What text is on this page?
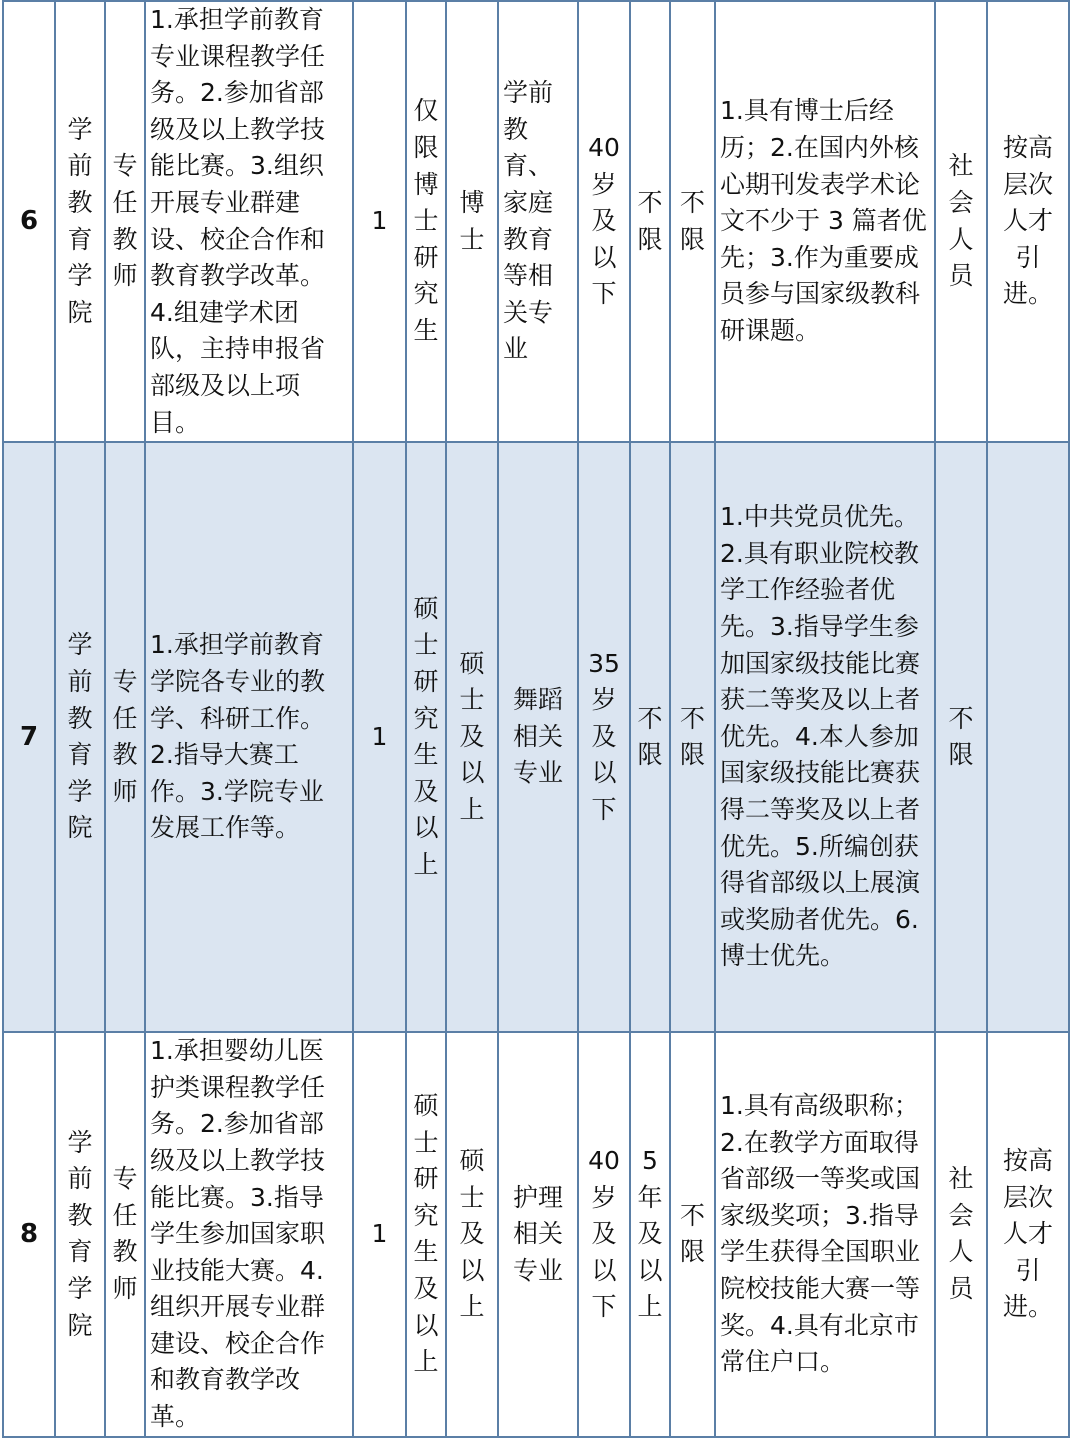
6	学前教育学院	专任教师	1.承担学前教育专业课程教学任务。2.参加省部级及以上教学技能比赛。3.组织开展专业群建设、校企合作和教育教学改革。4.组建学术团队，主持申报省部级及以上项目。	1	仅限博士研究生	博士	学前教育、家庭教育等相关专业	40岁及以下	不限	不限	1.具有博士后经历；2.在国内外核心期刊发表学术论文不少于 3 篇者优先；3.作为重要成员参与国家级教科研课题。	社会人员	按高层次人才引进。
7	学前教育学院	专任教师	1.承担学前教育学院各专业的教学、科研工作。2.指导大赛工作。3.学院专业发展工作等。	1	硕士研究生及以上	硕士及以上	舞蹈相关专业	35岁及以下	不限	不限	1.中共党员优先。2.具有职业院校教学工作经验者优先。3.指导学生参加国家级技能比赛获二等奖及以上者优先。4.本人参加国家级技能比赛获得二等奖及以上者优先。5.所编创获得省部级以上展演或奖励者优先。6.博士优先。	不限	
8	学前教育学院	专任教师	1.承担婴幼儿医护类课程教学任务。2.参加省部级及以上教学技能比赛。3.指导学生参加国家职业技能大赛。4.组织开展专业群建设、校企合作和教育教学改革。	1	硕士研究生及以上	硕士及以上	护理相关专业	40岁及以下	5年及以上	不限	1.具有高级职称；2.在教学方面取得省部级一等奖或国家级奖项；3.指导学生获得全国职业院校技能大赛一等奖。4.具有北京市常住户口。	社会人员	按高层次人才引进。
